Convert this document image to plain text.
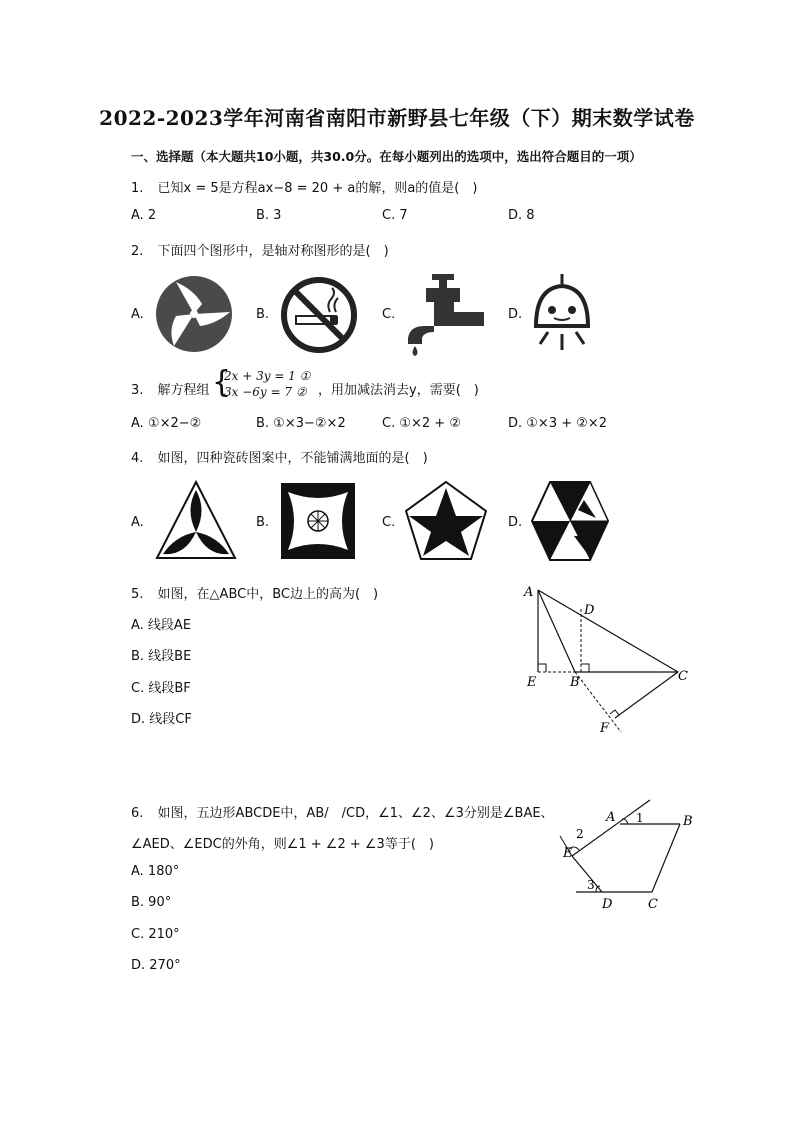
2022-2023学年河南省南阳市新野县七年级（下）期末数学试卷
一、选择题（本大题共10小题，共30.0分。在每小题列出的选项中，选出符合题目的一项）
1. 已知x = 5是方程ax−8 = 20 + a的解，则a的值是(　)
A. 2	B. 3	C. 7	D. 8
2. 下面四个图形中，是轴对称图形的是(　)
A.	B.	C.	D.
3. 解方程组 {
2x + 3y = 1 ①
3x −6y = 7 ② ，用加减法消去y，需要(　)
A. ①×2−②	B. ①×3−②×2	C. ①×2 + ②	D. ①×3 + ②×2
4. 如图，四种瓷砖图案中，不能铺满地面的是(　)
A.	B.	C.	D.
5. 如图，在△ABC中，BC边上的高为(　)
A. 线段AE
B. 线段BE
C. 线段BF
D. 线段CF
A
D
E	B	C
F
6. 如图，五边形ABCDE中，AB/　/CD，∠1、∠2、∠3分别是∠BAE、
∠AED、∠EDC的外角，则∠1 + ∠2 + ∠3等于(　)
A. 180°
B. 90°
C. 210°
D. 270°
A 1	B
2
E
3
D	C
